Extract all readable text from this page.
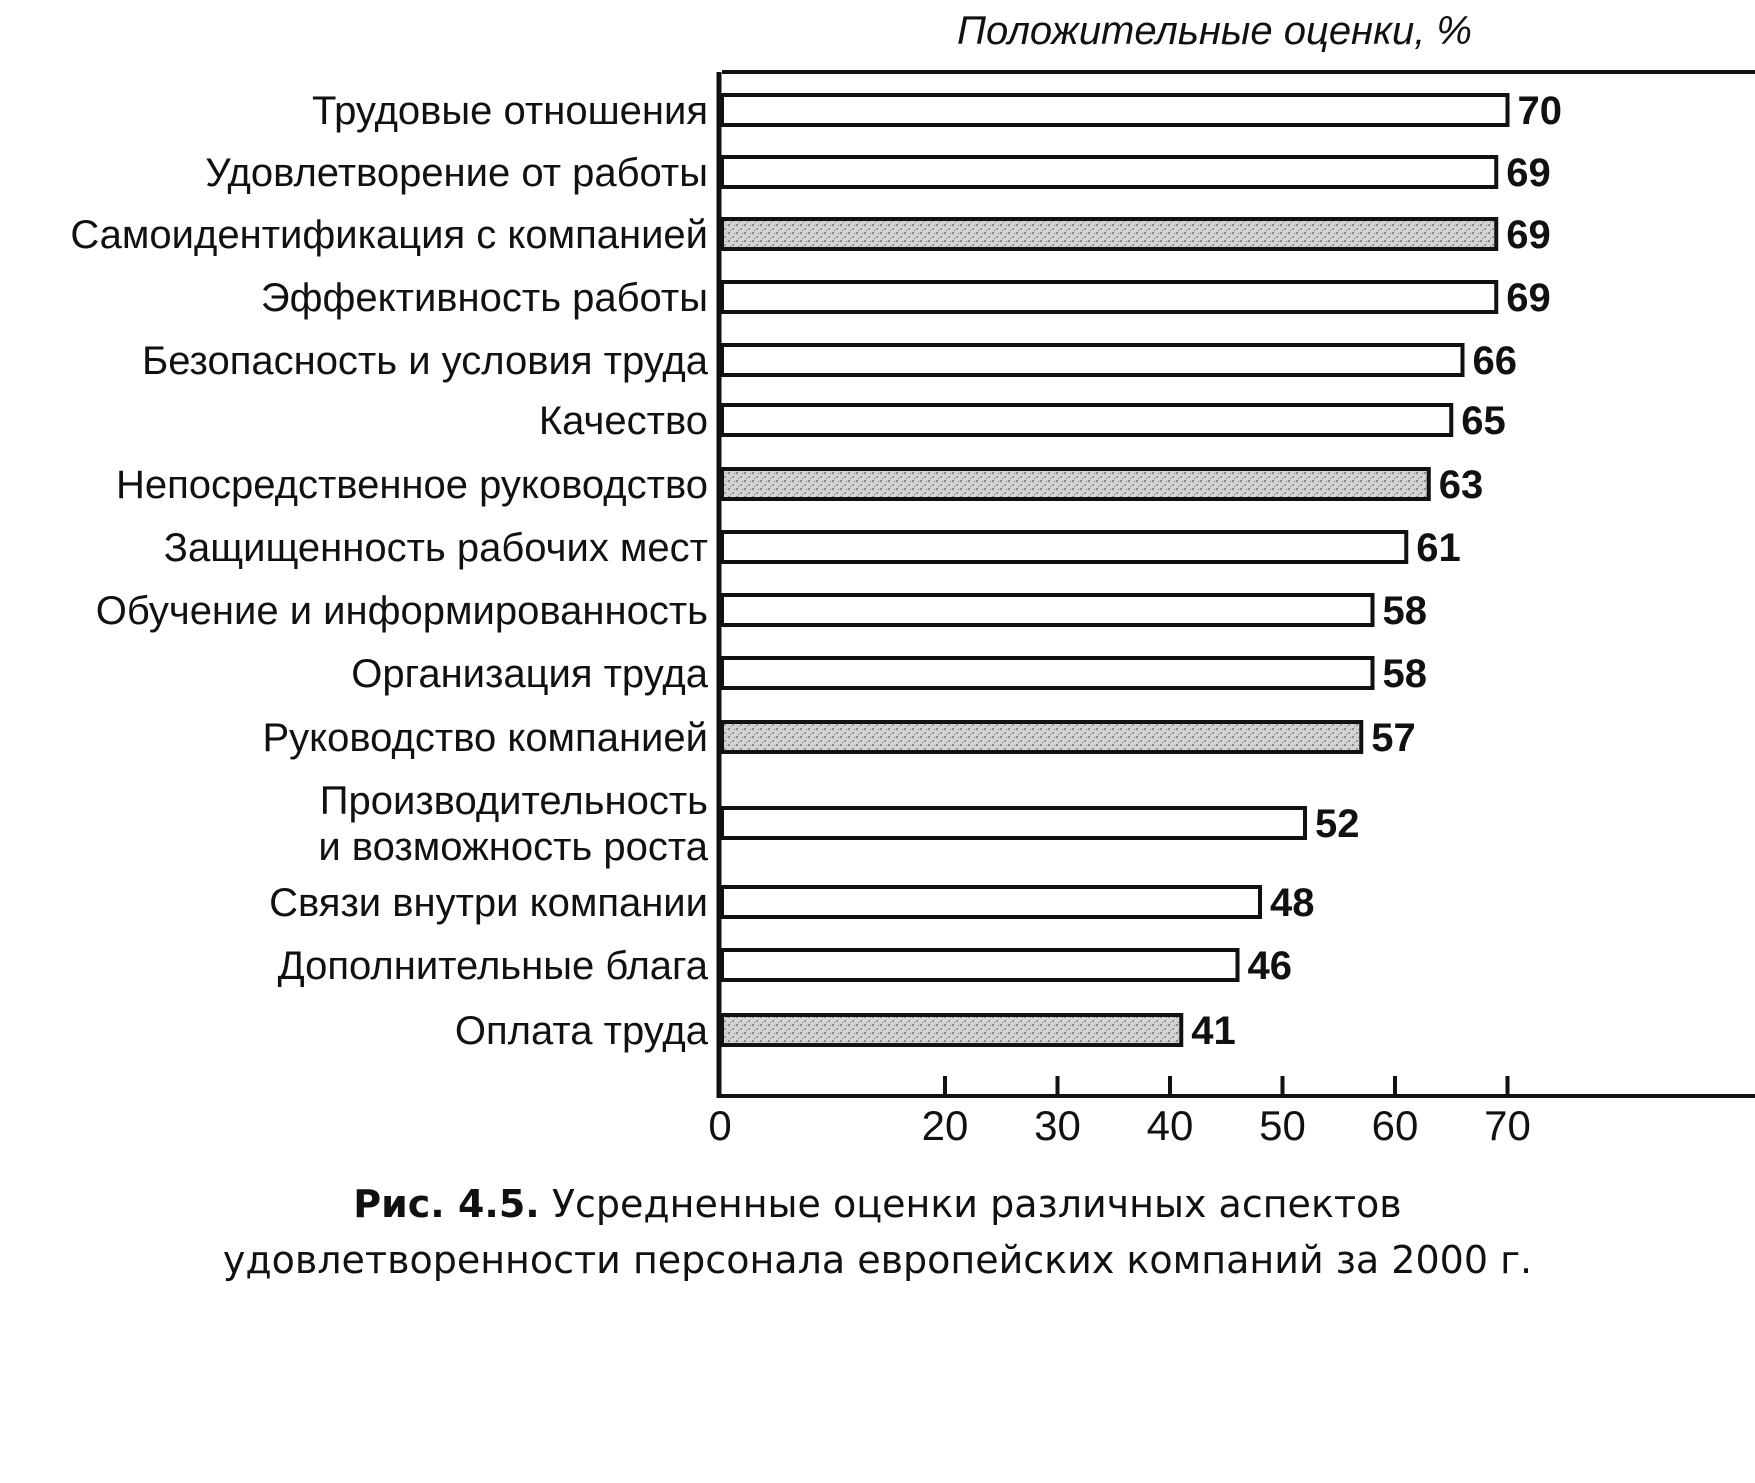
Положительные оценки, %
70
Трудовые отношения
69
Удовлетворение от работы
69
Самоидентификация с компанией
69
Эффективность работы
66
Безопасность и условия труда
65
Качество
63
Непосредственное руководство
61
Защищенность рабочих мест
58
Обучение и информированность
58
Организация труда
57
Руководство компанией
52
Производительность
и возможность роста
48
Связи внутри компании
46
Дополнительные блага
41
Оплата труда
0	20 30 40 50 60 70
Рис. 4.5. Усредненные оценки различных аспектов
удовлетворенности персонала европейских компаний за 2000 г.
